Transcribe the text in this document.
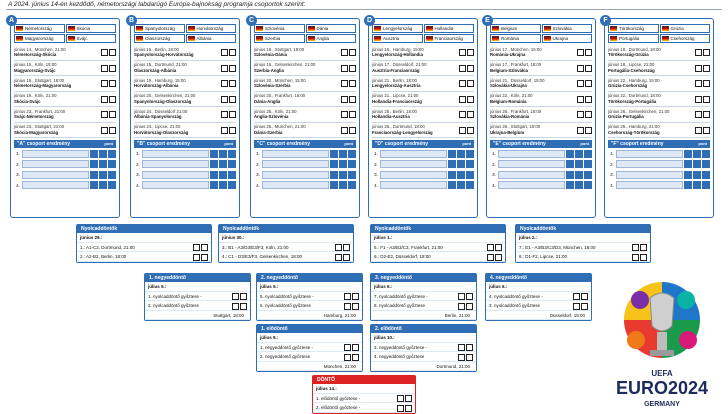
A 2024. június 14-én kezdődő, németországi labdarúgó Európa-bajnokság programja csoportok szerint:
A
Németország	Skócia
Magyarország	Svájc
június 14., München, 21:00
Németország-Skócia
június 15., Köln, 15:00
Magyarország-Svájc
június 19., Stuttgart, 18:00
Németország-Magyarország
június 19., Köln, 21:00
Skócia-Svájc
június 23., Frankfurt, 21:00
Svájc-Németország
június 23., Stuttgart, 21:00
Skócia-Magyarország
"A" csoport eredmény	pont
1.
2.
3.
4.
B
Spanyolország	Horvátország
Olaszország	Albánia
június 15., Berlin, 18:00
Spanyolország-Horvátország
június 15., Dortmund, 21:00
Olaszország-Albánia
június 19., Hamburg, 15:00
Horvátország-Albánia
június 20., Gelsenkirchen, 21:00
Spanyolország-Olaszország
június 24., Düsseldorf 21:00
Albánia-Spanyolország
június 24., Lipcse, 21:00
Horvátország-Olaszország
"B" csoport eredmény	pont
1.
2.
3.
4.
C
Szlovénia	Dánia
Szerbia	Anglia
június 16., Stuttgart, 18:00
Szlovénia-Dánia
június 16., Gelsenkirchen, 21:00
Szerbia-Anglia
június 20., München, 15:00
Szlovénia-Szerbia
június 20., Frankfurt, 18:00
Dánia-Anglia
június 25., Köln, 21:00
Anglia-Szlovénia
június 25., München, 21:00
Dánia-Szerbia
"C" csoport eredmény	pont
1.
2.
3.
4.
D
Lengyelország	Hollandia
Ausztria	Franciaország
június 16., Hamburg, 15:00
Lengyelország-Hollandia
június 17., Düsseldorf, 21:00
Ausztria-Franciaország
június 21., Berlin, 18:00
Lengyelország-Ausztria
június 21., Lipcse, 21:00
Hollandia-Franciaország
június 25., Berlin, 18:00
Hollandia-Ausztria
június 25., Dortmund, 18:00
Franciaország-Lengyelország
"D" csoport eredmény	pont
1.
2.
3.
4.
E
Belgium	Szlovákia
Románia	Ukrajna
június 17., München, 15:00
Románia-Ukrajna
június 17., Frankfurt, 18:00
Belgium-Szlovákia
június 21., Düsseldorf, 15:00
Szlovákia-Ukrajna
június 22., Köln, 21:00
Belgium-Románia
június 26., Frankfurt, 18:00
Szlovákia-Románia
június 26., Stuttgart, 18:00
Ukrajna-Belgium
"E" csoport eredmény	pont
1.
2.
3.
4.
F
Törökország	Grúzia
Portugália	Csehország
június 18., Dortmund, 18:00
Törökország-Grúzia
június 18., Lipcse, 21:00
Portugália-Csehország
június 22., Hamburg, 15:00
Grúzia-Csehország
június 22., Dortmund, 18:00
Törökország-Portugália
június 26., Gelsenkirchen, 21:00
Grúzia-Portugália
június 26., Hamburg, 21:00
Csehország-Törökország
"F" csoport eredmény	pont
1.
2.
3.
4.
Nyolcaddöntők
június 29.:
1.: A1-C2, Dortmund, 21:00
2.: A2-B2, Berlin, 18:00
Nyolcaddöntők
június 30.:
3.: B1 - A3/D3/E3/F3, Köln, 21:00
4.: C1 - D3/E3/F3, Gelsenkirchen, 18:00
Nyolcaddöntők
július 1.:
5.: F1 - A3/B3/C3, Frankfurt, 21:00
6.: D2-E2, Düsseldorf, 18:00
Nyolcaddöntők
július 2.:
7.: E1 - A3/B3/C3/D3, München, 18:00
8.: D1-F2, Lipcse, 21:00
1. negyeddöntő
július 5.:
1. nyolcaddöntő győztese -
2. nyolcaddöntő győztese
Stuttgart, 18:00
2. negyeddöntő
július 5.:
5. nyolcaddöntő győztese -
6. nyolcaddöntő győztese
Hamburg, 21:00
3. negyeddöntő
július 6.:
7. nyolcaddöntő győztese -
8. nyolcaddöntő győztese
Berlin, 21:00
4. negyeddöntő
július 6.:
4. nyolcaddöntő győztese -
3. nyolcaddöntő győztese
Düsseldorf, 18:00
1. elődöntő
július 9.:
1. negyeddöntő győztese -
2. negyeddöntő győztese
München, 21:00
2. elődöntő
július 10.:
3. negyeddöntő győztese -
4. negyeddöntő győztese
Dortmund, 21:00
DÖNTŐ
július 14.:
1. elődöntő győztese -
2. elődöntő győztese -
UEFA
EURO2024
GERMANY
